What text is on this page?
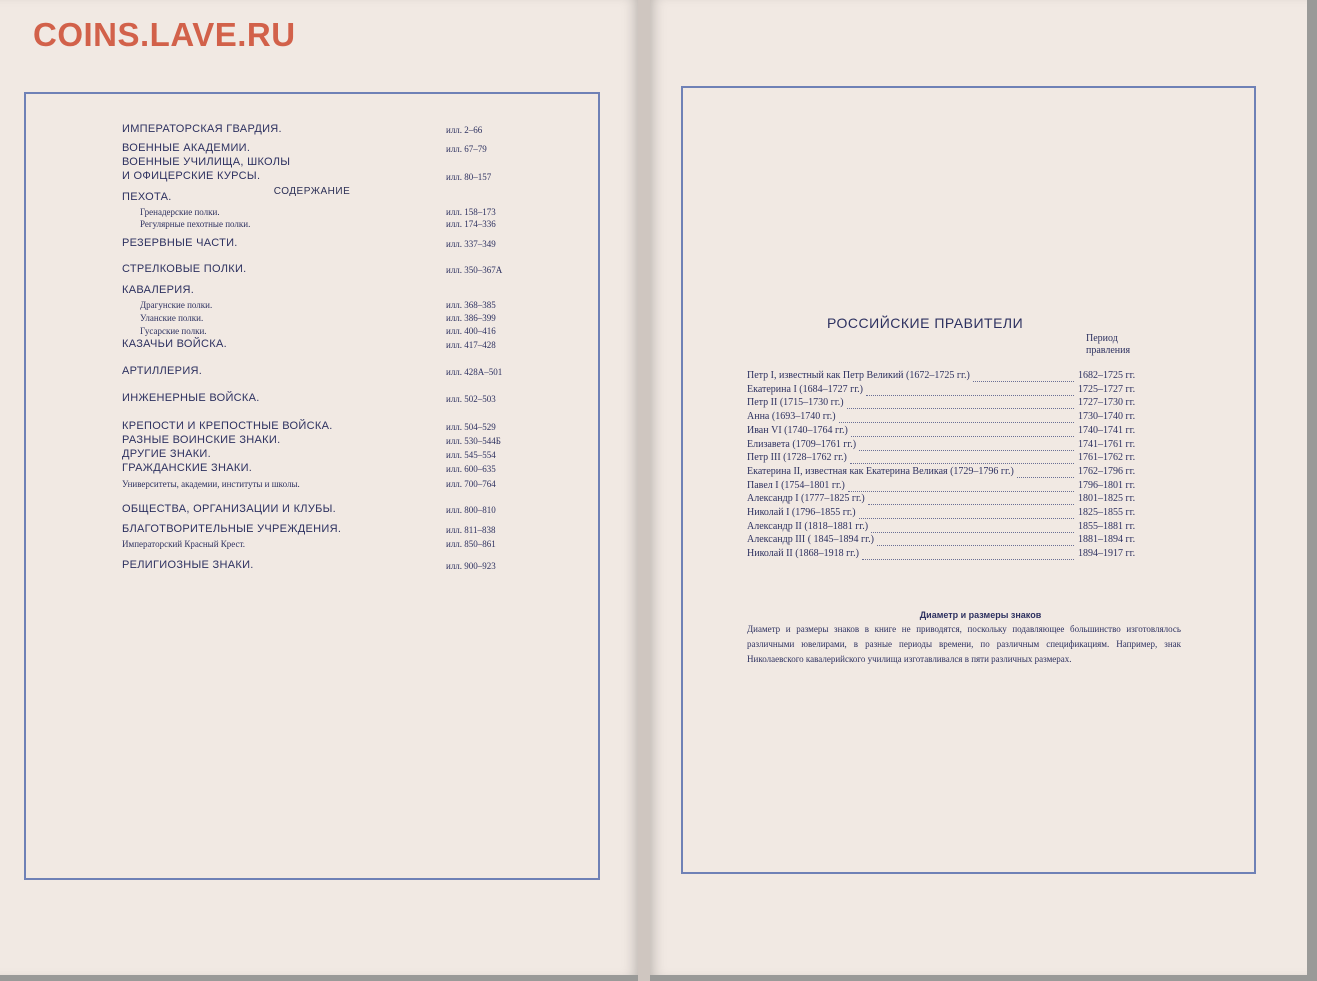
СОДЕРЖАНИЕ
ИМПЕРАТОРСКАЯ ГВАРДИЯ.	илл. 2–66
ВОЕННЫЕ АКАДЕМИИ.	илл. 67–79
ВОЕННЫЕ УЧИЛИЩА, ШКОЛЫ
И ОФИЦЕРСКИЕ КУРСЫ.	илл. 80–157
ПЕХОТА.
Гренадерские полки.	илл. 158–173
Регулярные пехотные полки.	илл. 174–336
РЕЗЕРВНЫЕ ЧАСТИ.	илл. 337–349
СТРЕЛКОВЫЕ ПОЛКИ.	илл. 350–367А
КАВАЛЕРИЯ.
Драгунские полки.	илл. 368–385
Уланские полки.	илл. 386–399
Гусарские полки.	илл. 400–416
КАЗАЧЬИ ВОЙСКА.	илл. 417–428
АРТИЛЛЕРИЯ.	илл. 428А–501
ИНЖЕНЕРНЫЕ ВОЙСКА.	илл. 502–503
КРЕПОСТИ И КРЕПОСТНЫЕ ВОЙСКА.	илл. 504–529
РАЗНЫЕ ВОИНСКИЕ ЗНАКИ.	илл. 530–544Б
ДРУГИЕ ЗНАКИ.	илл. 545–554
ГРАЖДАНСКИЕ ЗНАКИ.	илл. 600–635
Университеты, академии, институты и школы.	илл. 700–764
ОБЩЕСТВА, ОРГАНИЗАЦИИ И КЛУБЫ.	илл. 800–810
БЛАГОТВОРИТЕЛЬНЫЕ УЧРЕЖДЕНИЯ.	илл. 811–838
Императорский Красный Крест.	илл. 850–861
РЕЛИГИОЗНЫЕ ЗНАКИ.	илл. 900–923
РОССИЙСКИЕ ПРАВИТЕЛИ
Период
правления
Петр I, известный как Петр Великий (1672–1725 гг.)	1682–1725 гг.
Екатерина I (1684–1727 гг.)	1725–1727 гг.
Петр II (1715–1730 гг.)	1727–1730 гг.
Анна (1693–1740 гг.)	1730–1740 гг.
Иван VI (1740–1764 гг.)	1740–1741 гг.
Елизавета (1709–1761 гг.)	1741–1761 гг.
Петр III (1728–1762 гг.)	1761–1762 гг.
Екатерина II, известная как Екатерина Великая (1729–1796 гг.)	1762–1796 гг.
Павел I (1754–1801 гг.)	1796–1801 гг.
Александр I (1777–1825 гг.)	1801–1825 гг.
Николай I (1796–1855 гг.)	1825–1855 гг.
Александр II (1818–1881 гг.)	1855–1881 гг.
Александр III ( 1845–1894 гг.)	1881–1894 гг.
Николай II (1868–1918 гг.)	1894–1917 гг.
Диаметр и размеры знаков
Диаметр и размеры знаков в книге не приводятся, поскольку подавляющее большинство изготовлялось различными ювелирами, в разные периоды времени, по различным спецификациям. Например, знак Николаевского кавалерийского училища изготавливался в пяти различных размерах.
COINS.LAVE.RU
